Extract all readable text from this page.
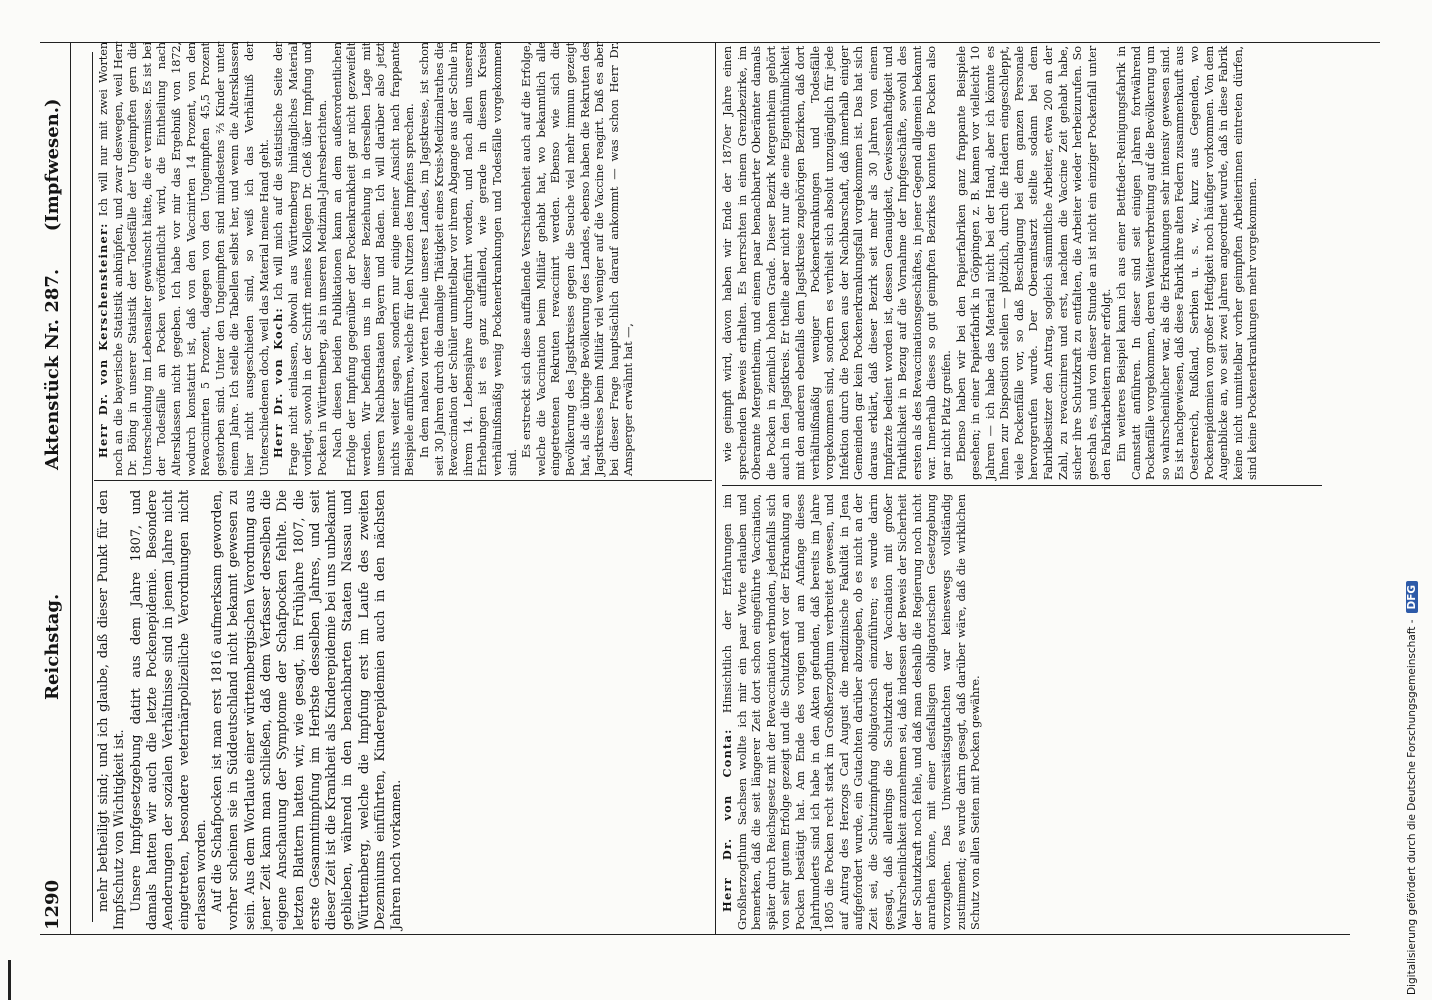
1290
Reichstag.
Aktenstück Nr. 287.      (Impfwesen.)

mehr betheiligt sind; und ich glaube, daß dieser Punkt für den Impfschutz von Wichtigkeit ist. Unsere Impfgesetzgebung datirt aus dem Jahre 1807, und damals hatten wir auch die letzte Pockenepidemie. Besondere Aenderungen der sozialen Verhältnisse sind in jenem Jahre nicht eingetreten, besondere veterinärpolizeiliche Verordnungen nicht erlassen worden. Auf die Schafpocken ist man erst 1816 aufmerksam geworden, vorher scheinen sie in Süddeutschland nicht bekannt gewesen zu sein. Aus dem Wortlaute einer württembergischen Verordnung aus jener Zeit kann man schließen, daß dem Verfasser derselben die eigene Anschauung der Symptome der Schafpocken fehlte. Die letzten Blattern hatten wir, wie gesagt, im Frühjahre 1807, die erste Gesammtimpfung im Herbste desselben Jahres, und seit dieser Zeit ist die Krankheit als Kinderepidemie bei uns unbekannt geblieben, während in den benachbarten Staaten Nassau und Württemberg, welche die Impfung erst im Laufe des zweiten Dezenniums einführten, Kinderepidemien auch in den nächsten Jahren noch vorkamen.

Herr Dr. von Kerschensteiner: Ich will nur mit zwei Worten noch an die bayerische Statistik anknüpfen, und zwar deswegen, weil Herr Dr. Böing in unserer Statistik der Todesfälle der Ungeimpften gern die Unterscheidung im Lebensalter gewünscht hätte, die er vermisse. Es ist bei der Todesfälle an Pocken veröffentlicht wird, die Eintheilung nach Altersklassen nicht gegeben. Ich habe vor mir das Ergebniß von 1872, wodurch konstatirt ist, daß von den Vaccinirten 14 Prozent, von den Revaccinirten 5 Prozent, dagegen von den Ungeimpften 45,5 Prozent gestorben sind. Unter den Ungeimpften sind mindestens ⅔ Kinder unter einem Jahre. Ich stelle die Tabellen selbst her, und wenn die Altersklassen hier nicht ausgeschieden sind, so weiß ich das Verhältniß der Unterschiedenen doch, weil das Material meine Hand geht. Herr Dr. von Koch: Ich will mich auf die statistische Seite der Frage nicht einlassen, obwohl aus Württemberg hinlängliches Material vorliegt, sowohl in der Schrift meines Kollegen Dr. Cleß über Impfung und Pocken in Württemberg, als in unseren Medizinal-Jahresberichten. Nach diesen beiden Publikationen kann an dem außerordentlichen Erfolge der Impfung gegenüber der Pockenkrankheit gar nicht gezweifelt werden. Wir befinden uns in dieser Beziehung in derselben Lage mit unseren Nachbarstaaten Bayern und Baden. Ich will darüber also jetzt nichts weiter sagen, sondern nur einige meiner Ansicht nach frappante Beispiele anführen, welche für den Nutzen des Impfens sprechen. In dem nahezu vierten Theile unseres Landes, im Jagstkreise, ist schon seit 30 Jahren durch die damalige Thätigkeit eines Kreis-Medizinalrathes die Revaccination der Schüler unmittelbar vor ihrem Abgange aus der Schule in ihrem 14. Lebensjahre durchgeführt worden, und nach allen unseren Erhebungen ist es ganz auffallend, wie gerade in diesem Kreise verhältnißmäßig wenig Pockenerkrankungen und Todesfälle vorgekommen sind.

Es erstreckt sich diese auffallende Verschiedenheit auch auf die Erfolge, welche die Vaccination beim Militär gehabt hat, wo bekanntlich alle eingetretenen Rekruten revaccinirt werden. Ebenso wie sich die Bevölkerung des Jagstkreises gegen die Seuche viel mehr immun gezeigt hat, als die übrige Bevölkerung des Landes, ebenso haben die Rekruten des Jagstkreises beim Militär viel weniger auf die Vaccine reagirt. Daß es aber bei dieser Frage hauptsächlich darauf ankommt — was schon Herr Dr. Amsperger erwähnt hat —,	wie geimpft wird, davon haben wir Ende der 1870er Jahre einen sprechenden Beweis erhalten. Es herrschten in einem Grenzbezirke, im Oberamte Mergentheim, und einem paar benachbarter Oberämter damals die Pocken in ziemlich hohem Grade. Dieser Bezirk Mergentheim gehört auch in den Jagstkreis. Er theilte aber nicht nur die eine Eigenthümlichkeit mit den anderen ebenfalls dem Jagstkreise zugehörigen Bezirken, daß dort verhältnißmäßig weniger Pockenerkrankungen und Todesfälle vorgekommen sind, sondern es verhielt sich absolut unzugänglich für jede Infektion durch die Pocken aus der Nachbarschaft, daß innerhalb einiger Gemeinden gar kein Pockenerkrankungsfall vorgekommen ist. Das hat sich daraus erklärt, daß dieser Bezirk seit mehr als 30 Jahren von einem Impfarzte bedient worden ist, dessen Genauigkeit, Gewissenhaftigkeit und Pünktlichkeit in Bezug auf die Vornahme der Impfgeschäfte, sowohl des ersten als des Revaccinationsgeschäftes, in jener Gegend allgemein bekannt war. Innerhalb dieses so gut geimpften Bezirkes konnten die Pocken also gar nicht Platz greifen. Ebenso haben wir bei den Papierfabriken ganz frappante Beispiele gesehen; in einer Papierfabrik in Göppingen z. B. kamen vor vielleicht 10 Jahren — ich habe das Material nicht bei der Hand, aber ich könnte es Ihnen zur Disposition stellen — plötzlich, durch die Hadern eingeschleppt, viele Pockenfälle vor, so daß Beschlagung bei dem ganzen Personale hervorgerufen wurde. Der Oberamtsarzt stellte sodann bei dem Fabrikbesitzer den Antrag, sogleich sämmtliche Arbeiter, etwa 200 an der Zahl, zu revacciniren und erst, nachdem die Vaccine Zeit gehabt habe, sicher ihre Schutzkraft zu entfalten, die Arbeiter wieder herbeizurufen. So geschah es, und von dieser Stunde an ist nicht ein einziger Pockenfall unter den Fabrikarbeitern mehr erfolgt. Ein weiteres Beispiel kann ich aus einer Bettfeder-Reinigungsfabrik in Cannstatt anführen. In dieser sind seit einigen Jahren fortwährend Pockenfälle vorgekommen, deren Weiterverbreitung auf die Bevölkerung um so wahrscheinlicher war, als die Erkrankungen sehr intensiv gewesen sind. Es ist nachgewiesen, daß diese Fabrik ihre alten Federn zusammenkauft aus Oesterreich, Rußland, Serbien u. s. w., kurz aus Gegenden, wo Pockenepidemien von großer Heftigkeit noch häufiger vorkommen. Von dem Augenblicke an, wo seit zwei Jahren angeordnet wurde, daß in diese Fabrik keine nicht unmittelbar vorher geimpften Arbeiterinnen eintreten dürfen, sind keine Pockenerkrankungen mehr vorgekommen.

Herr Dr. von Conta: Hinsichtlich der Erfahrungen im Großherzogthum Sachsen wollte ich mir ein paar Worte erlauben und bemerken, daß die seit längerer Zeit dort schon eingeführte Vaccination, später durch Reichsgesetz mit der Revaccination verbunden, jedenfalls sich von sehr gutem Erfolge gezeigt und die Schutzkraft vor der Erkrankung an Pocken bestätigt hat. Am Ende des vorigen und am Anfange dieses Jahrhunderts sind ich habe in den Akten gefunden, daß bereits im Jahre 1805 die Pocken recht stark im Großherzogthum verbreitet gewesen, und auf Antrag des Herzogs Carl August die medizinische Fakultät in Jena aufgefordert wurde, ein Gutachten darüber abzugeben, ob es nicht an der Zeit sei, die Schutzimpfung obligatorisch einzuführen; es wurde darin gesagt, daß allerdings die Schutzkraft der Vaccination mit großer Wahrscheinlichkeit anzunehmen sei, daß indessen der Beweis der Sicherheit der Schutzkraft noch fehle, und daß man deshalb die Regierung noch nicht anrathen könne, mit einer desfallsigen obligatorischen Gesetzgebung vorzugehen. Das Universitätsgutachten war keineswegs vollständig zustimmend; es wurde darin gesagt, daß darüber wäre, daß die wirklichen Schutz von allen Seiten mit Pocken gewähre.	Digitalisierung gefördert durch die Deutsche Forschungsgemeinschaft -DFG
